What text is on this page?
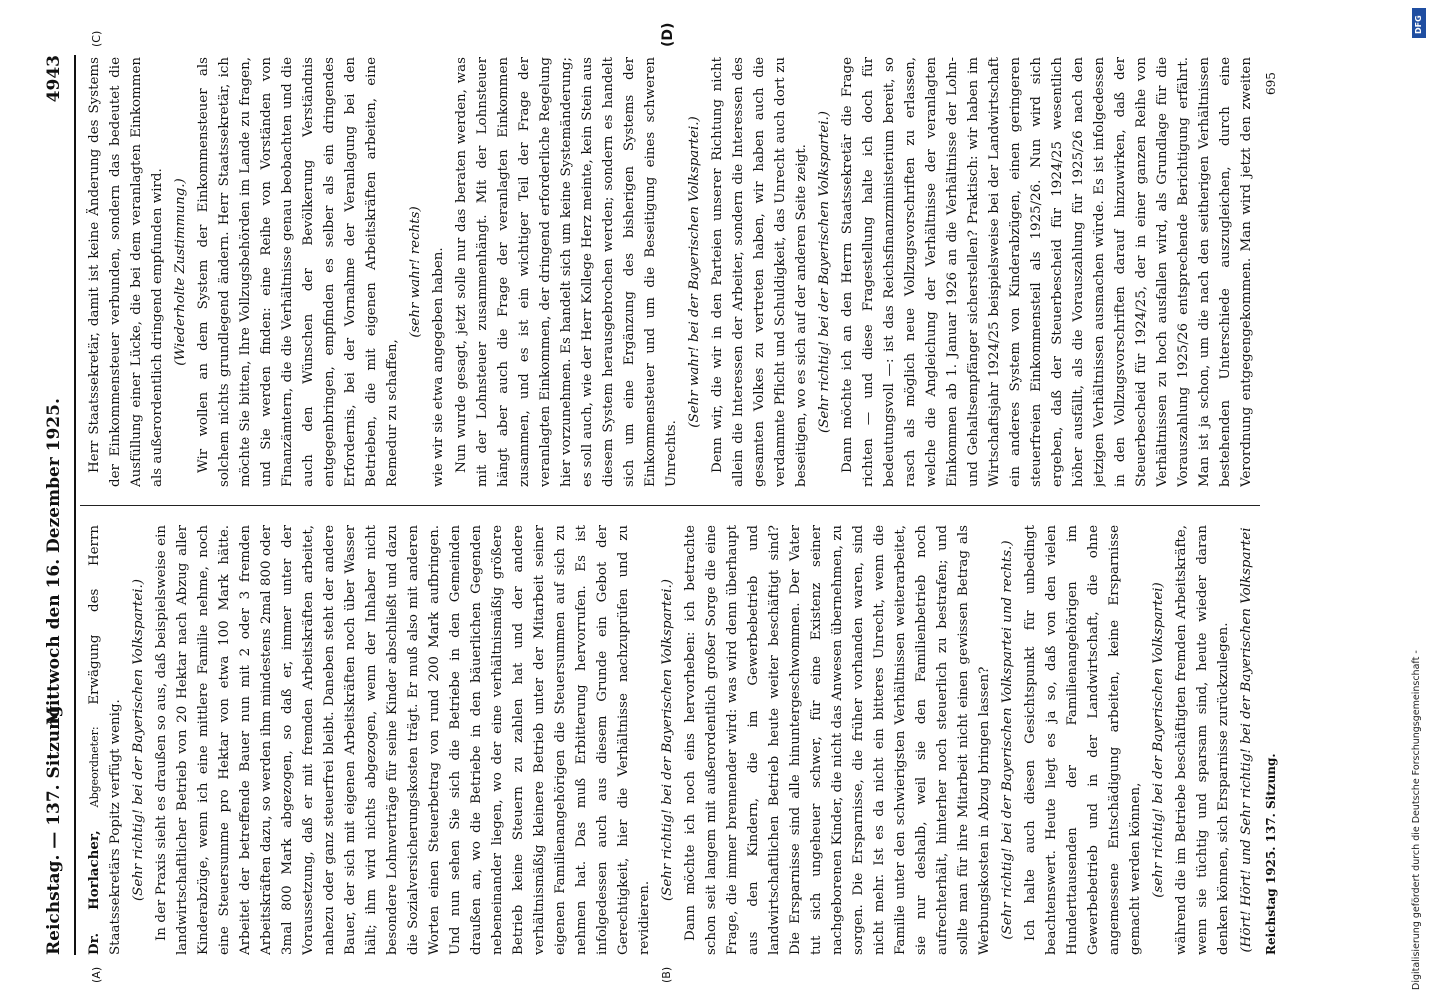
Reichstag. — 137. Sitzung.
Mittwoch den 16. Dezember 1925.
4943

Dr. Horlacher, Abgeordneter: Erwägung des Herrn Staatssekretärs Popitz verfügt wenig. (Sehr richtig! bei der Bayerischen Volkspartei.) In der Praxis sieht es draußen so aus, daß beispielsweise ein landwirtschaftlicher Betrieb von 20 Hektar nach Abzug aller Kinderabzüge, wenn ich eine mittlere Familie nehme, noch eine Steuersumme pro Hektar von etwa 100 Mark hätte. Arbeitet der betreffende Bauer nun mit 2 oder 3 fremden Arbeitskräften dazu, so werden ihm mindestens 2mal 800 oder 3mal 800 Mark abgezogen, so daß er, immer unter der Voraussetzung, daß er mit fremden Arbeitskräften arbeitet, nahezu oder ganz steuerfrei bleibt. Daneben steht der andere Bauer, der sich mit eigenen Arbeitskräften noch über Wasser hält; ihm wird nichts abgezogen, wenn der Inhaber nicht besondere Lohnverträge für seine Kinder abschließt und dazu die Sozialversicherungskosten trägt. Er muß also mit anderen Worten einen Steuerbetrag von rund 200 Mark aufbringen. Und nun sehen Sie sich die Betriebe in den Gemeinden draußen an, wo die Betriebe in den bäuerlichen Gegenden nebeneinander liegen, wo der eine verhältnismäßig größere Betrieb keine Steuern zu zahlen hat und der andere verhältnismäßig kleinere Betrieb unter der Mitarbeit seiner eigenen Familienangehörigen die Steuersummen auf sich zu nehmen hat. Das muß Erbitterung hervorrufen. Es ist infolgedessen auch aus diesem Grunde ein Gebot der Gerechtigkeit, hier die Verhältnisse nachzuprüfen und zu revidieren.

(Sehr richtig! bei der Bayerischen Volkspartei.) Dann möchte ich noch eins hervorheben: ich betrachte schon seit langem mit außerordentlich großer Sorge die eine Frage, die immer brennender wird: was wird denn überhaupt aus den Kindern, die im Gewerbebetrieb und landwirtschaftlichen Betrieb heute weiter beschäftigt sind? Die Ersparnisse sind alle hinuntergeschwommen. Der Vater tut sich ungeheuer schwer, für eine Existenz seiner nachgeborenen Kinder, die nicht das Anwesen übernehmen, zu sorgen. Die Ersparnisse, die früher vorhanden waren, sind nicht mehr. Ist es da nicht ein bitteres Unrecht, wenn die Familie unter den schwierigsten Verhältnissen weiterarbeitet, sie nur deshalb, weil sie den Familienbetrieb noch aufrechterhält, hinterher noch steuerlich zu bestrafen; und sollte man für ihre Mitarbeit nicht einen gewissen Betrag als Werbungskosten in Abzug bringen lassen? (Sehr richtig! bei der Bayerischen Volkspartei und rechts.) Ich halte auch diesen Gesichtspunkt für unbedingt beachtenswert. Heute liegt es ja so, daß von den vielen Hunderttausenden der Familienangehörigen im Gewerbebetrieb und in der Landwirtschaft, die ohne angemessene Entschädigung arbeiten, keine Ersparnisse gemacht werden können, (sehr richtig! bei der Bayerischen Volkspartei) während die im Betriebe beschäftigten fremden Arbeitskräfte, wenn sie tüchtig und sparsam sind, heute wieder daran denken können, sich Ersparnisse zurückzulegen. (Hört! Hört! und Sehr richtig! bei der Bayerischen Volkspartei

Herr Staatssekretär, damit ist keine Änderung des Systems der Einkommensteuer verbunden, sondern das bedeutet die Ausfüllung einer Lücke, die bei dem veranlagten Einkommen als außerordentlich dringend empfunden wird. (Wiederholte Zustimmung.) Wir wollen an dem System der Einkommensteuer als solchem nichts grundlegend ändern. Herr Staatssekretär, ich möchte Sie bitten, Ihre Vollzugsbehörden im Lande zu fragen, und Sie werden finden: eine Reihe von Vorständen von Finanzämtern, die die Verhältnisse genau beobachten und die auch den Wünschen der Bevölkerung Verständnis entgegenbringen, empfinden es selber als ein dringendes Erfordernis, bei der Vornahme der Veranlagung bei den Betrieben, die mit eigenen Arbeitskräften arbeiten, eine Remedur zu schaffen,

(sehr wahr! rechts) wie wir sie etwa angegeben haben. Nun wurde gesagt, jetzt solle nur das beraten werden, was mit der Lohnsteuer zusammenhängt. Mit der Lohnsteuer hängt aber auch die Frage der veranlagten Einkommen zusammen, und es ist ein wichtiger Teil der Frage der veranlagten Einkommen, der dringend erforderliche Regelung hier vorzunehmen. Es handelt sich um keine Systemänderung; es soll auch, wie der Herr Kollege Herz meinte, kein Stein aus diesem System herausgebrochen werden; sondern es handelt sich um eine Ergänzung des bisherigen Systems der Einkommensteuer und um die Beseitigung eines schweren Unrechts.

(Sehr wahr! bei der Bayerischen Volkspartei.) Denn wir, die wir in den Parteien unserer Richtung nicht allein die Interessen der Arbeiter, sondern die Interessen des gesamten Volkes zu vertreten haben, wir haben auch die verdammte Pflicht und Schuldigkeit, das Unrecht auch dort zu beseitigen, wo es sich auf der anderen Seite zeigt. (Sehr richtig! bei der Bayerischen Volkspartei.)

Dann möchte ich an den Herrn Staatssekretär die Frage richten — und diese Fragestellung halte ich doch für bedeutungsvoll —: ist das Reichsfinanzministerium bereit, so rasch als möglich neue Vollzugsvorschriften zu erlassen, welche die Angleichung der Verhältnisse der veranlagten Einkommen ab 1. Januar 1926 an die Verhältnisse der Lohn- und Gehaltsempfänger sicherstellen? Praktisch: wir haben im Wirtschaftsjahr 1924/25 beispielsweise bei der Landwirtschaft ein anderes System von Kinderabzügen, einen geringeren steuerfreien Einkommensteil als 1925/26. Nun wird sich ergeben, daß der Steuerbescheid für 1924/25 wesentlich höher ausfällt, als die Vorauszahlung für 1925/26 nach den jetzigen Verhältnissen ausmachen würde. Es ist infolgedessen in den Vollzugsvorschriften darauf hinzuwirken, daß der Steuerbescheid für 1924/25, der in einer ganzen Reihe von Verhältnissen zu hoch ausfallen wird, als Grundlage für die Vorauszahlung 1925/26 entsprechende Berichtigung erfährt. Man ist ja schon, um die nach den seitherigen Verhältnissen bestehenden Unterschiede auszugleichen, durch eine Verordnung entgegengekommen. Man wird jetzt den zweiten

(A)	(B)
(C)	(D)
Reichstag 1925. 137. Sitzung.
695
Digitalisierung gefördert durch die Deutsche Forschungsgemeinschaft -
DFG
